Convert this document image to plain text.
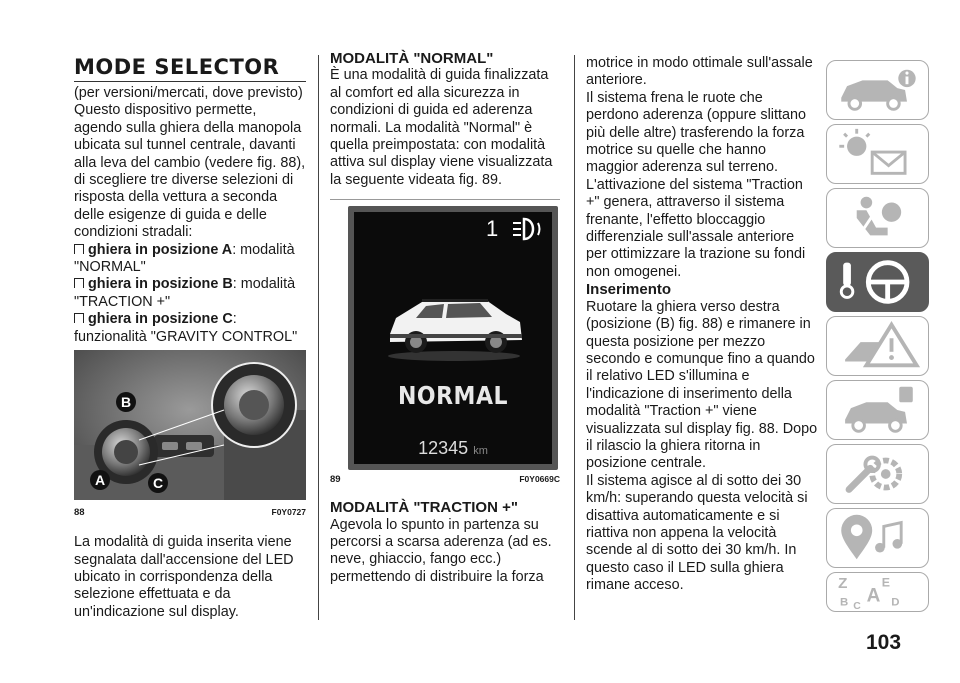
MODE SELECTOR

(per versioni/mercati, dove previsto) Questo dispositivo permette, agendo sulla ghiera della manopola ubicata sul tunnel centrale, davanti alla leva del cambio (vedere fig. 88), di scegliere tre diverse selezioni di risposta della vettura a seconda delle esigenze di guida e delle condizioni stradali:

ghiera in posizione A: modalità "NORMAL"
ghiera in posizione B: modalità "TRACTION +"
ghiera in posizione C: funzionalità "GRAVITY CONTROL"
B
A	C
88	F0Y0727

La modalità di guida inserita viene segnalata dall'accensione del LED ubicato in corrispondenza della selezione effettuata e da un'indicazione sul display.

MODALITÀ "NORMAL"

È una modalità di guida finalizzata al comfort ed alla sicurezza in condizioni di guida ed aderenza normali. La modalità "Normal" è quella preimpostata: con modalità attiva sul display viene visualizzata la seguente videata fig. 89.

1
NORMAL
12345 km
89	F0Y0669C
MODALITÀ "TRACTION +"

Agevola lo spunto in partenza su percorsi a scarsa aderenza (ad es. neve, ghiaccio, fango ecc.) permettendo di distribuire la forza

motrice in modo ottimale sull'assale anteriore.

Il sistema frena le ruote che perdono aderenza (oppure slittano più delle altre) trasferendo la forza motrice su quelle che hanno maggior aderenza sul terreno.

L'attivazione del sistema "Traction +" genera, attraverso il sistema frenante, l'effetto bloccaggio differenziale sull'assale anteriore per ottimizzare la trazione su fondi non omogenei.

Inserimento

Ruotare la ghiera verso destra (posizione (B) fig. 88) e rimanere in questa posizione per mezzo secondo e comunque fino a quando il relativo LED s'illumina e l'indicazione di inserimento della modalità "Traction +" viene visualizzata sul display fig. 88. Dopo il rilascio la ghiera ritorna in posizione centrale.

Il sistema agisce al di sotto dei 30 km/h: superando questa velocità si disattiva automaticamente e si riattiva non appena la velocità scende al di sotto dei 30 km/h. In questo caso il LED sulla ghiera rimane acceso.	Z	E
B A
C	D
103
